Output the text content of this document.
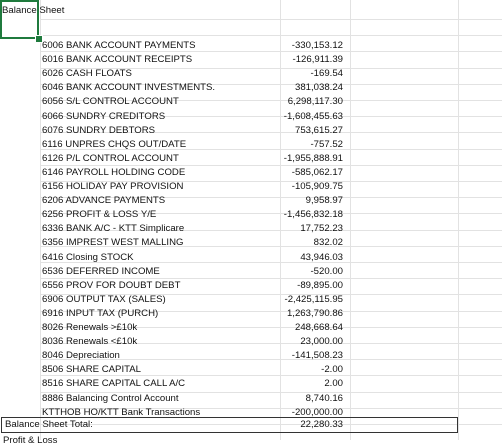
Balance Sheet
6006 BANK ACCOUNT PAYMENTS	-330,153.12
6016 BANK ACCOUNT RECEIPTS	-126,911.39
6026 CASH FLOATS	-169.54
6046 BANK ACCOUNT INVESTMENTS.	381,038.24
6056 S/L CONTROL ACCOUNT	6,298,117.30
6066 SUNDRY CREDITORS	-1,608,455.63
6076 SUNDRY DEBTORS	753,615.27
6116 UNPRES CHQS OUT/DATE	-757.52
6126 P/L CONTROL ACCOUNT	-1,955,888.91
6146 PAYROLL HOLDING CODE	-585,062.17
6156 HOLIDAY PAY PROVISION	-105,909.75
6206 ADVANCE PAYMENTS	9,958.97
6256 PROFIT & LOSS Y/E	-1,456,832.18
6336 BANK A/C - KTT Simplicare	17,752.23
6356 IMPREST WEST MALLING	832.02
6416 Closing STOCK	43,946.03
6536 DEFERRED INCOME	-520.00
6556 PROV FOR DOUBT DEBT	-89,895.00
6906 OUTPUT TAX (SALES)	-2,425,115.95
6916 INPUT TAX (PURCH)	1,263,790.86
8026 Renewals >£10k	248,668.64
8036 Renewals <£10k	23,000.00
8046 Depreciation	-141,508.23
8506 SHARE CAPITAL	-2.00
8516 SHARE CAPITAL CALL A/C	2.00
8886 Balancing Control Account	8,740.16
KTTHOB HO/KTT Bank Transactions	-200,000.00
Balance Sheet Total:	22,280.33
Profit & Loss
